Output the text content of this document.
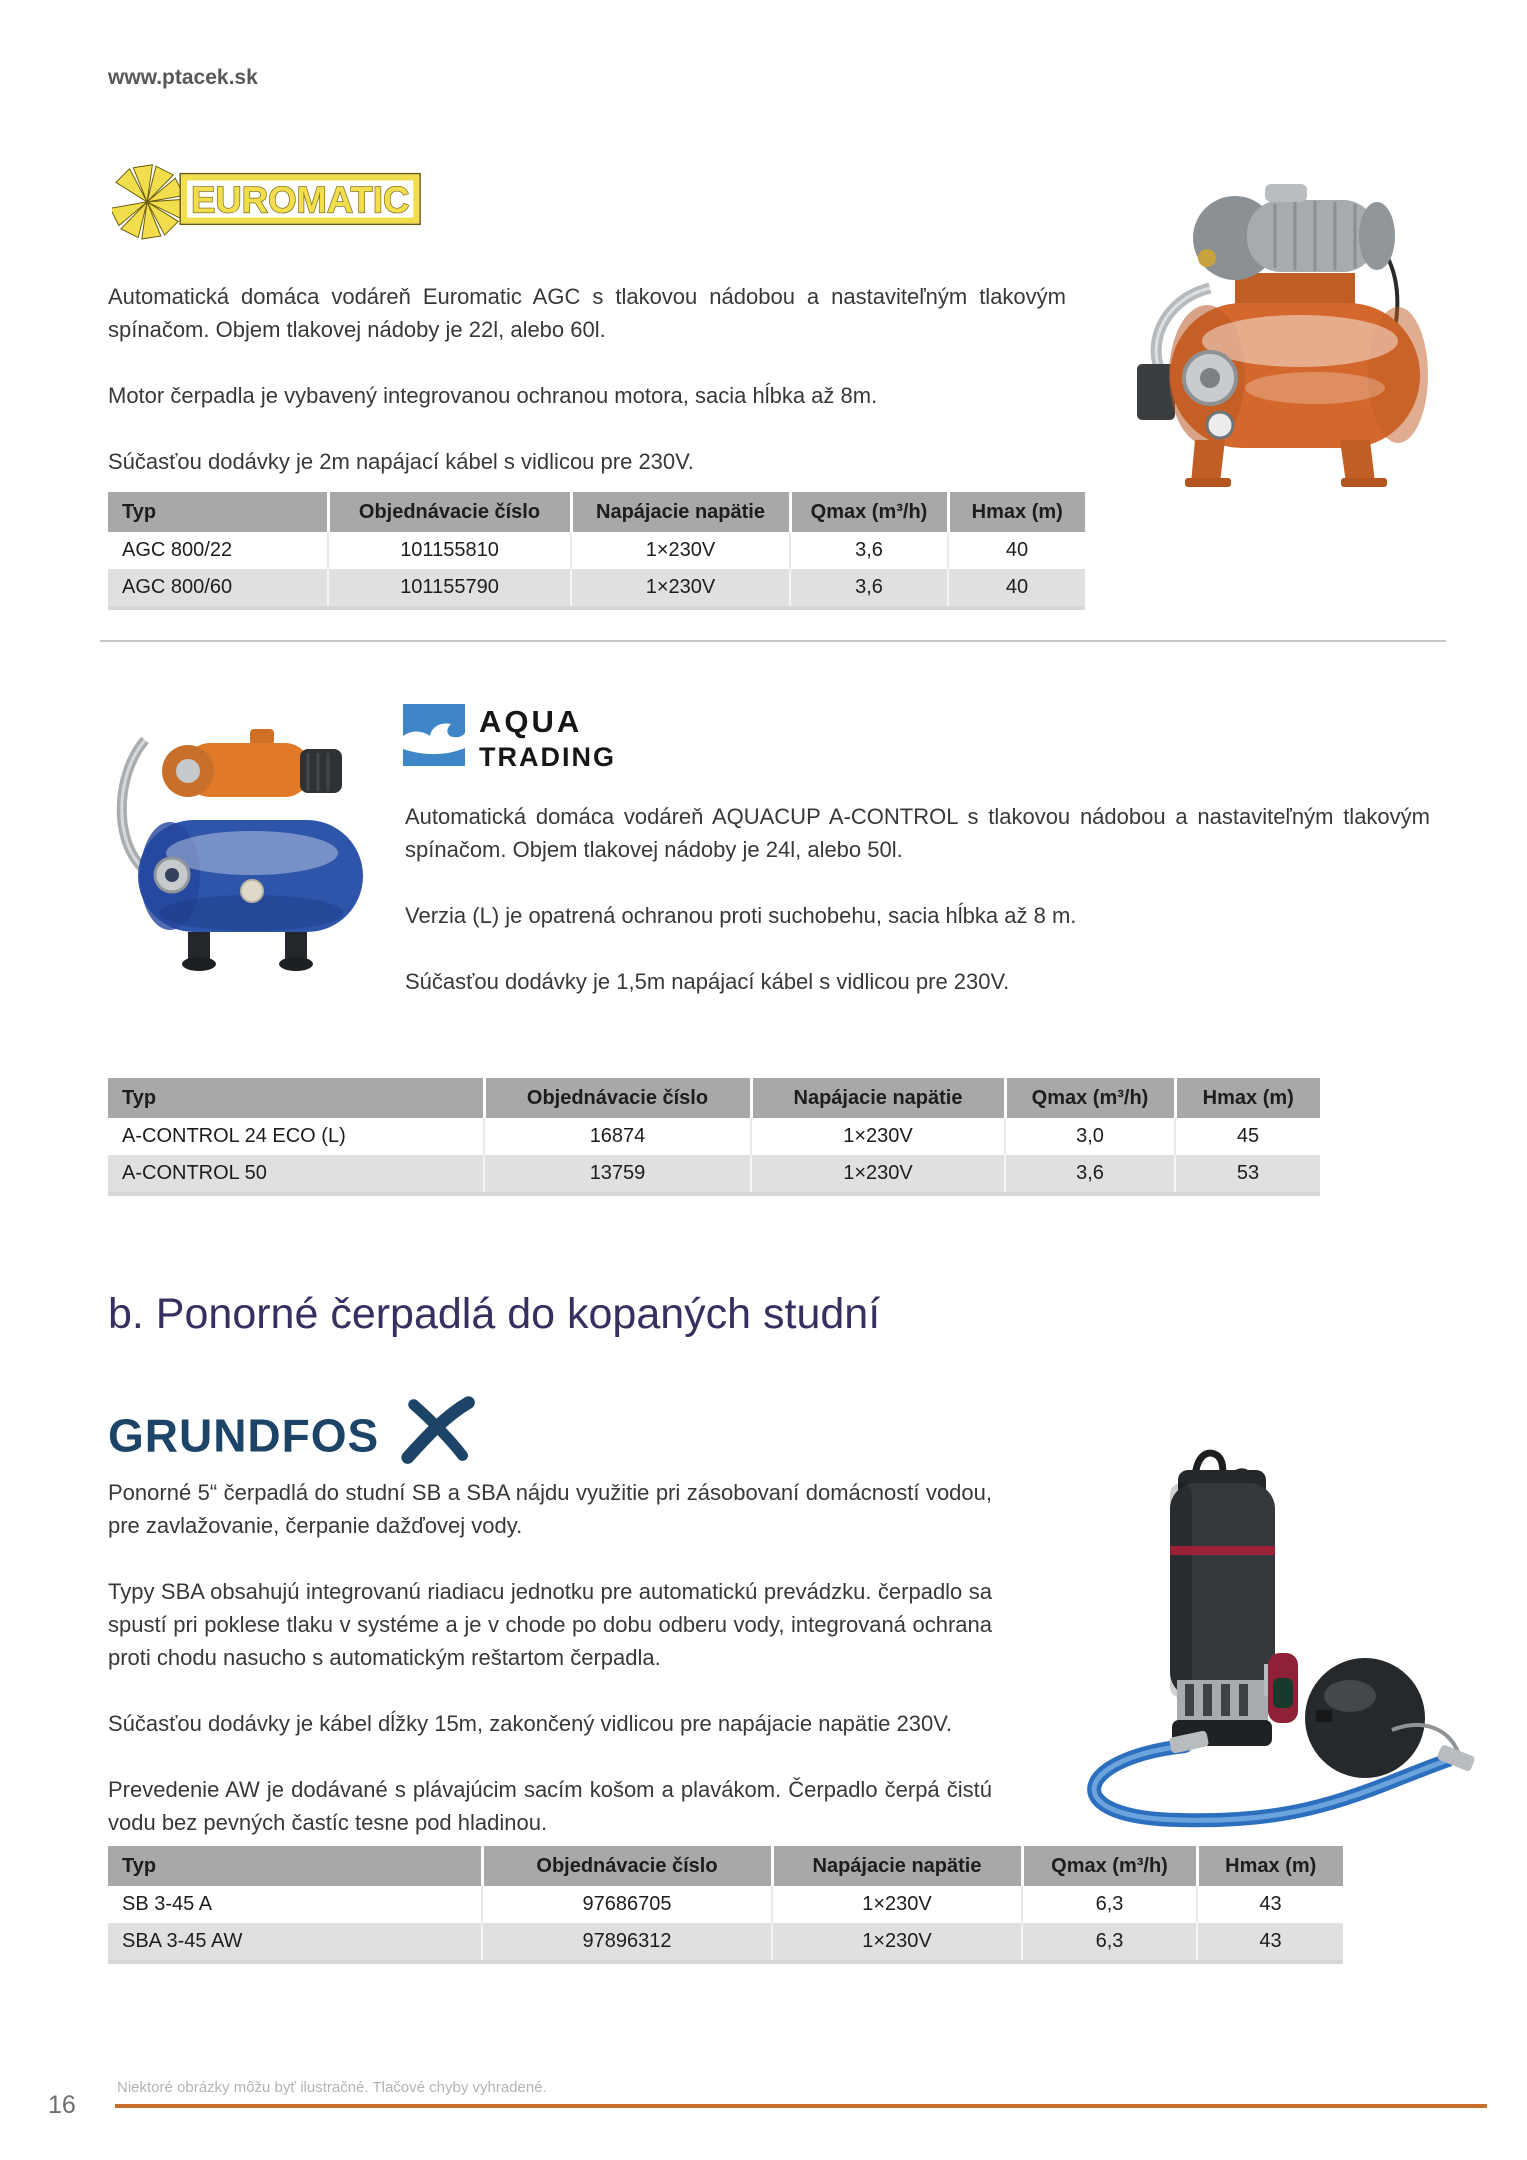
www.ptacek.sk
EUROMATIC

Automatická domáca vodáreň Euromatic AGC s tlakovou nádobou a nastaviteľným tlakovým spínačom. Objem tlakovej nádoby je 22l, alebo 60l.

Motor čerpadla je vybavený integrovanou ochranou motora, sacia hĺbka až 8m.

Súčasťou dodávky je 2m napájací kábel s vidlicou pre 230V.

Typ	Objednávacie číslo	Napájacie napätie	Qmax (m³/h)	Hmax (m)
AGC 800/22	101155810	1×230V	3,6	40
AGC 800/60	101155790	1×230V	3,6	40
AQUA
TRADING

Automatická domáca vodáreň AQUACUP A-CONTROL s tlakovou nádobou a nastaviteľným tlakovým spínačom. Objem tlakovej nádoby je 24l, alebo 50l.

Verzia (L) je opatrená ochranou proti suchobehu, sacia hĺbka až 8 m.

Súčasťou dodávky je 1,5m napájací kábel s vidlicou pre 230V.

Typ	Objednávacie číslo	Napájacie napätie	Qmax (m³/h)	Hmax (m)
A-CONTROL 24 ECO (L)	16874	1×230V	3,0	45
A-CONTROL 50	13759	1×230V	3,6	53
b. Ponorné čerpadlá do kopaných studní
GRUNDFOS

Ponorné 5“ čerpadlá do studní SB a SBA nájdu využitie pri zásobovaní domácností vodou, pre zavlažovanie, čerpanie dažďovej vody.

Typy SBA obsahujú integrovanú riadiacu jednotku pre automatickú prevádzku. čerpadlo sa spustí pri poklese tlaku v systéme a je v chode po dobu odberu vody, integrovaná ochrana proti chodu nasucho s automatickým reštartom čerpadla.

Súčasťou dodávky je kábel dĺžky 15m, zakončený vidlicou pre napájacie napätie 230V.

Prevedenie AW je dodávané s plávajúcim sacím košom a plavákom. Čerpadlo čerpá čistú vodu bez pevných častíc tesne pod hladinou.

Typ	Objednávacie číslo	Napájacie napätie	Qmax (m³/h)	Hmax (m)
SB 3-45 A	97686705	1×230V	6,3	43
SBA 3-45 AW	97896312	1×230V	6,3	43
Niektoré obrázky môžu byť ilustračné. Tlačové chyby vyhradené.
16
